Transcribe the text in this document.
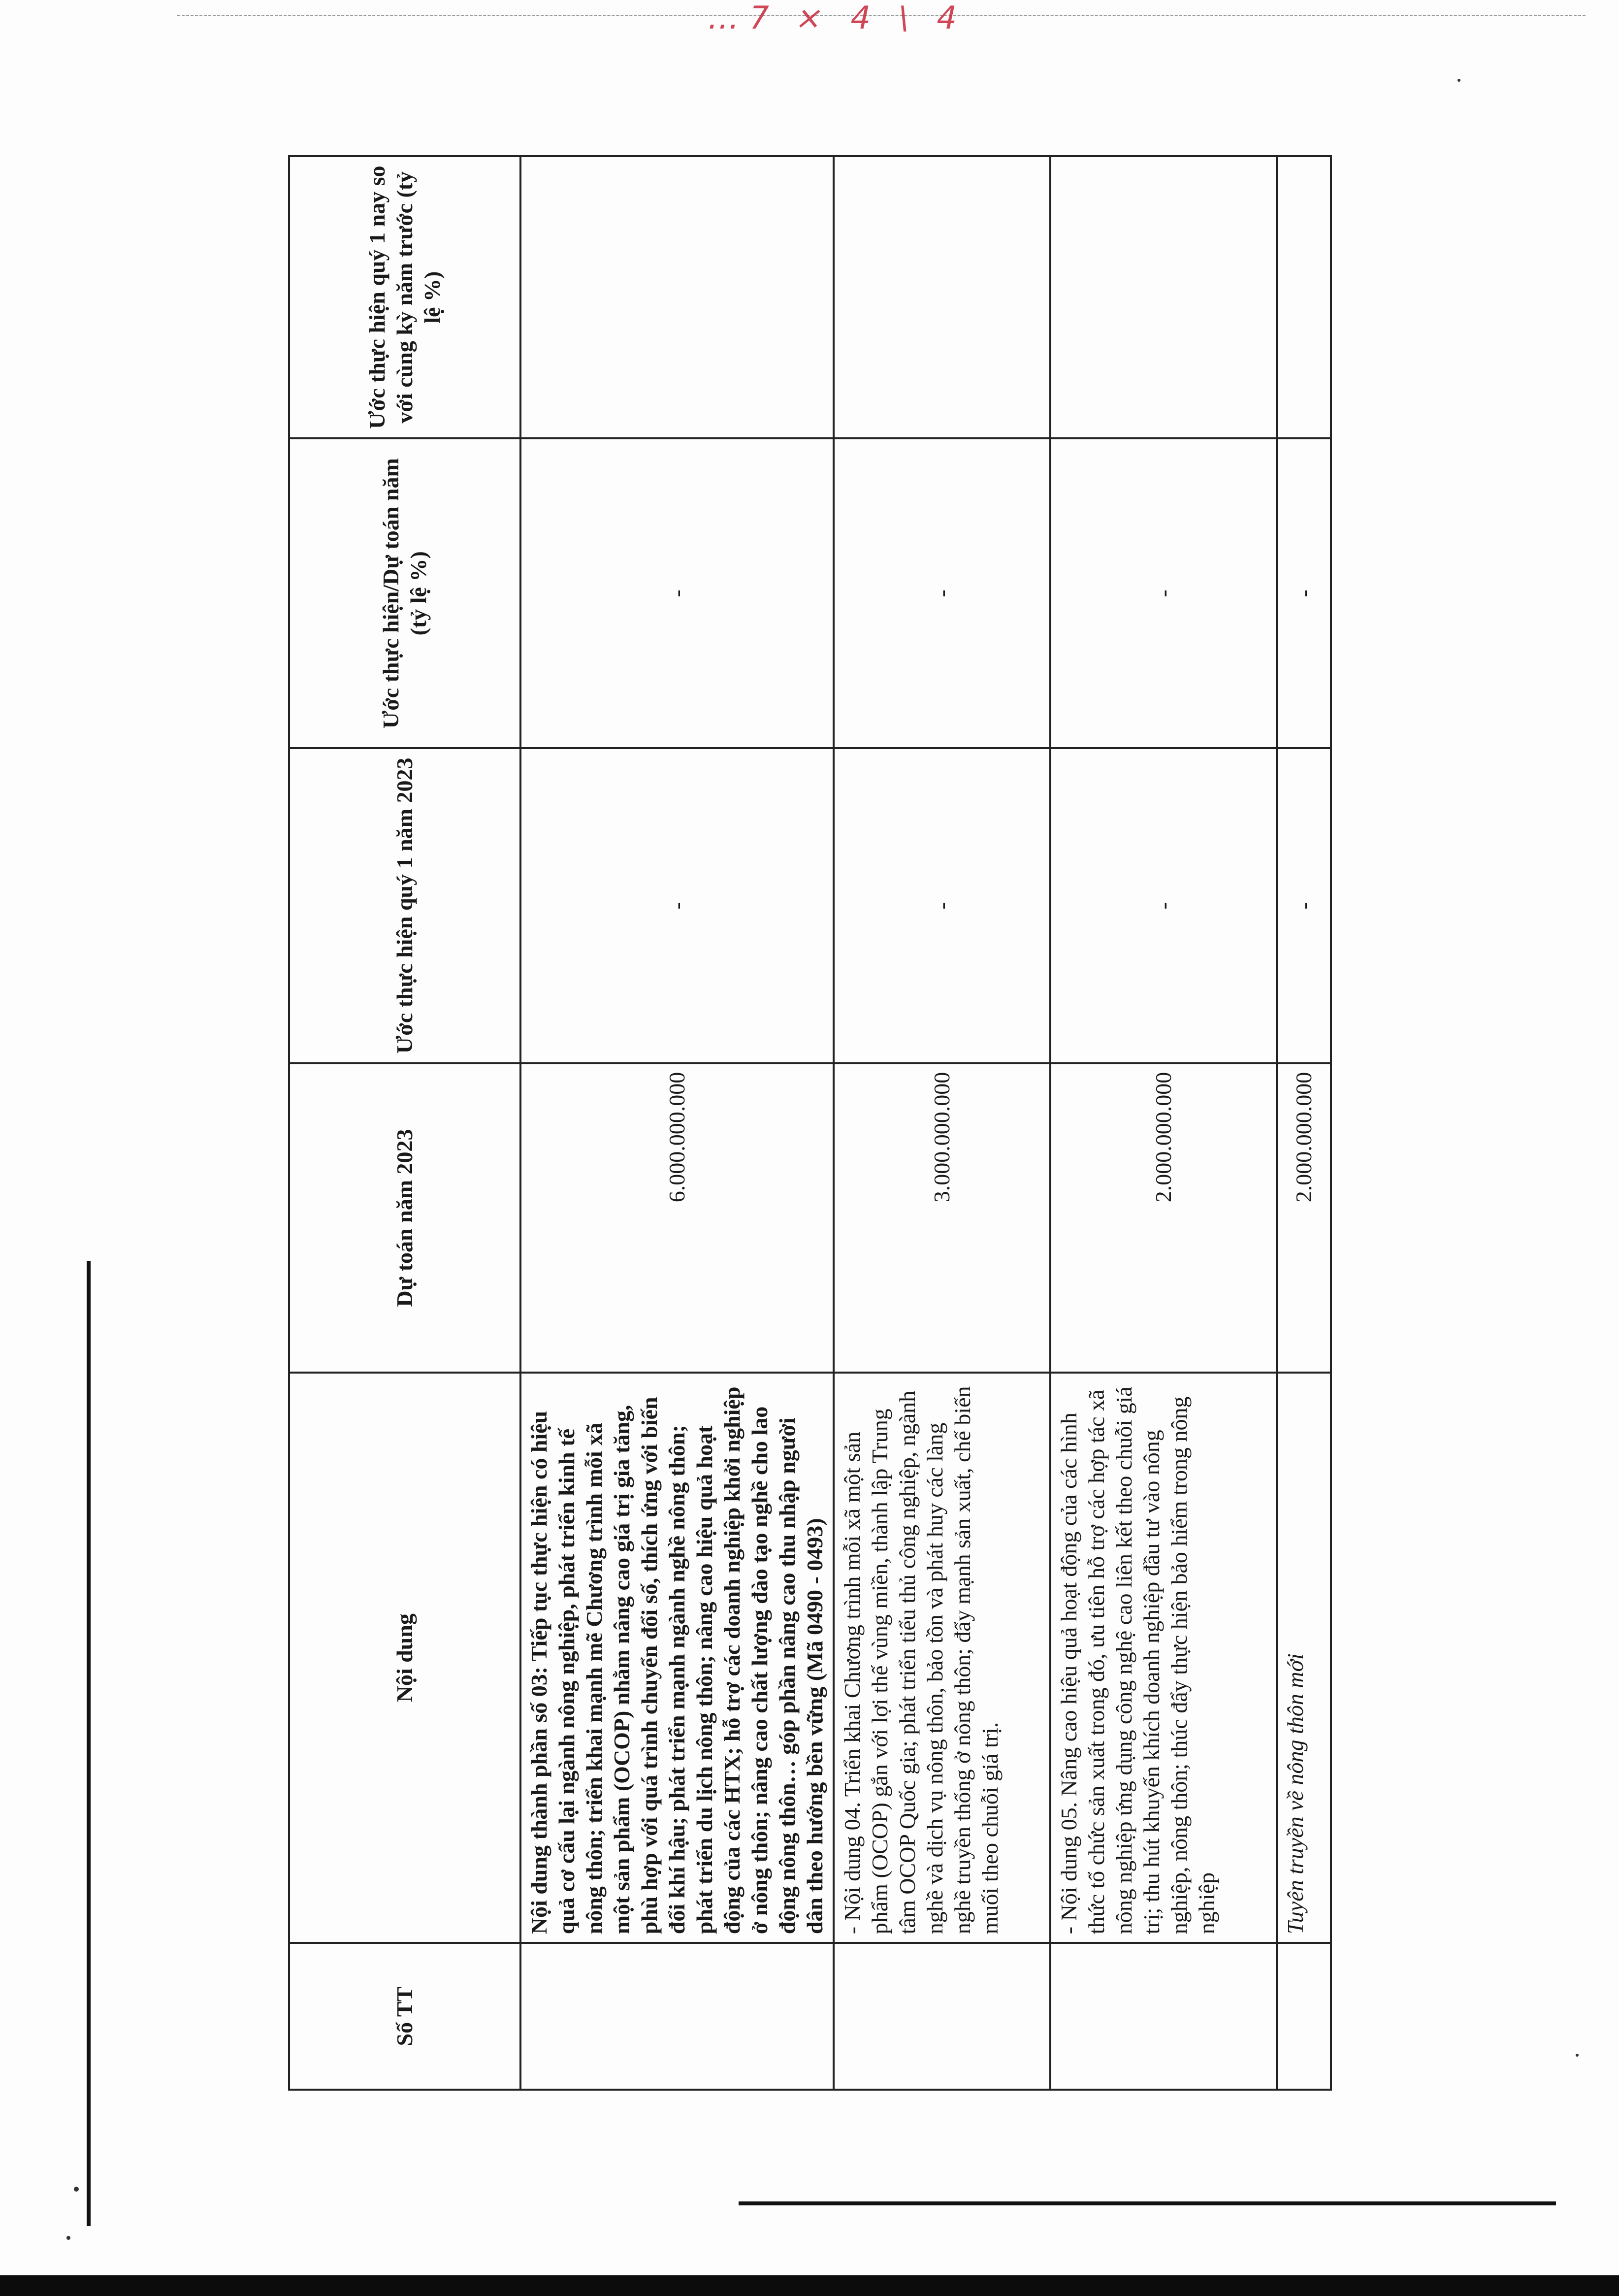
…7 × 4 \ 4
Số TT	Nội dung	Dự toán năm 2023	Ước thực hiện quý 1 năm 2023	Ước thực hiện/Dự toán năm (tỷ lệ %)	Ước thực hiện quý 1 nay so với cùng kỳ năm trước (tỷ lệ %)
	Nội dung thành phần số 03: Tiếp tục thực hiện có hiệu quả cơ cấu lại ngành nông nghiệp, phát triển kinh tế nông thôn; triển khai mạnh mẽ Chương trình mỗi xã một sản phẩm (OCOP) nhằm nâng cao giá trị gia tăng, phù hợp với quá trình chuyển đổi số, thích ứng với biến đổi khí hậu; phát triển mạnh ngành nghề nông thôn; phát triển du lịch nông thôn; nâng cao hiệu quả hoạt động của các HTX; hỗ trợ các doanh nghiệp khởi nghiệp ở nông thôn; nâng cao chất lượng đào tạo nghề cho lao động nông thôn… góp phần nâng cao thu nhập người dân theo hướng bền vững (Mã 0490 - 0493)	6.000.000.000	-	-	
	- Nội dung 04. Triển khai Chương trình mỗi xã một sản phẩm (OCOP) gắn với lợi thế vùng miền, thành lập Trung tâm OCOP Quốc gia; phát triển tiểu thủ công nghiệp, ngành nghề và dịch vụ nông thôn, bảo tồn và phát huy các làng nghề truyền thống ở nông thôn; đẩy mạnh sản xuất, chế biến muối theo chuỗi giá trị.	3.000.000.000	-	-	
	- Nội dung 05. Nâng cao hiệu quả hoạt động của các hình thức tổ chức sản xuất trong đó, ưu tiên hỗ trợ các hợp tác xã nông nghiệp ứng dụng công nghệ cao liên kết theo chuỗi giá trị; thu hút khuyến khích doanh nghiệp đầu tư vào nông nghiệp, nông thôn; thúc đẩy thực hiện bảo hiểm trong nông nghiệp	2.000.000.000	-	-	
	Tuyên truyền về nông thôn mới	2.000.000.000	-	-	
